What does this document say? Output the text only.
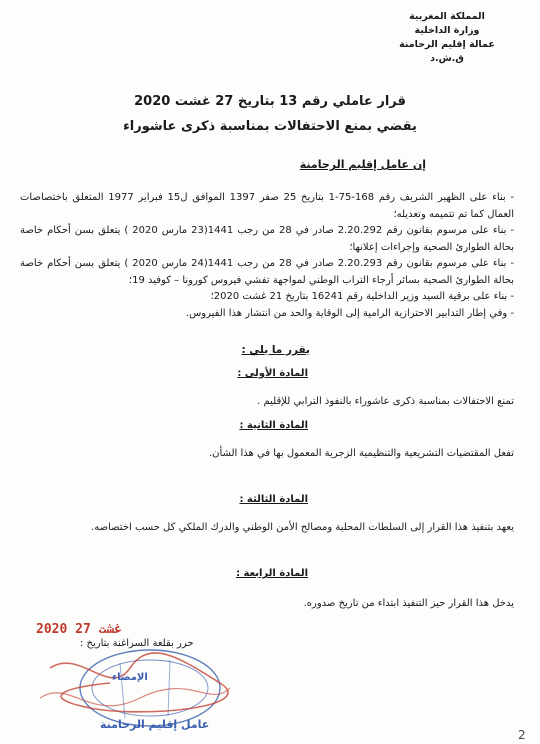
المملكة المغربية
وزارة الداخلية
عمالة إقليم الرحامنة
ق.ش.د
قرار عاملي رقم 13 بتاريخ 27 غشت 2020
يقضي بمنع الاحتفالات بمناسبة ذكرى عاشوراء
إن عامل إقليم الرحامنة

- بناء على الظهير الشريف رقم 168-75-1 بتاريخ 25 صفر 1397 الموافق ل15 فبراير 1977 المتعلق باختصاصات العمال كما تم تتميمه وتعديله؛

- بناء على مرسوم بقانون رقم 2.20.292 صادر في 28 من رجب 1441(23 مارس 2020 ) يتعلق بسن أحكام خاصة بحالة الطوارئ الصحية وإجراءات إعلانها؛

- بناء على مرسوم بقانون رقم 2.20.293 صادر في 28 من رجب 1441(24 مارس 2020 ) يتعلق بسن أحكام خاصة بحالة الطوارئ الصحية بسائر أرجاء التراب الوطني لمواجهة تفشي فيروس كورونا – كوفيد 19؛

- بناء على برقية السيد وزير الداخلية رقم 16241 بتاريخ 21 غشت 2020؛

- وفي إطار التدابير الاحترازية الرامية إلى الوقاية والحد من انتشار هذا الفيروس.

يقرر ما يلي :
المادة الأولى :
تمنع الاحتفالات بمناسبة ذكرى عاشوراء بالنفوذ الترابي للإقليم .
المادة الثانية :
تفعل المقتضيات التشريعية والتنظيمية الزجرية المعمول بها في هذا الشأن.
المادة الثالثة :
يعهد بتنفيذ هذا القرار إلى السلطات المحلية ومصالح الأمن الوطني والدرك الملكي كل حسب اختصاصه.
المادة الرابعة :
يدخل هذا القرار حيز التنفيذ ابتداء من تاريخ صدوره.
2020 غشت 27
حرر بقلعة السراغنة بتاريخ :
الإمضاء
عامل إقليم الرحامنة
2
